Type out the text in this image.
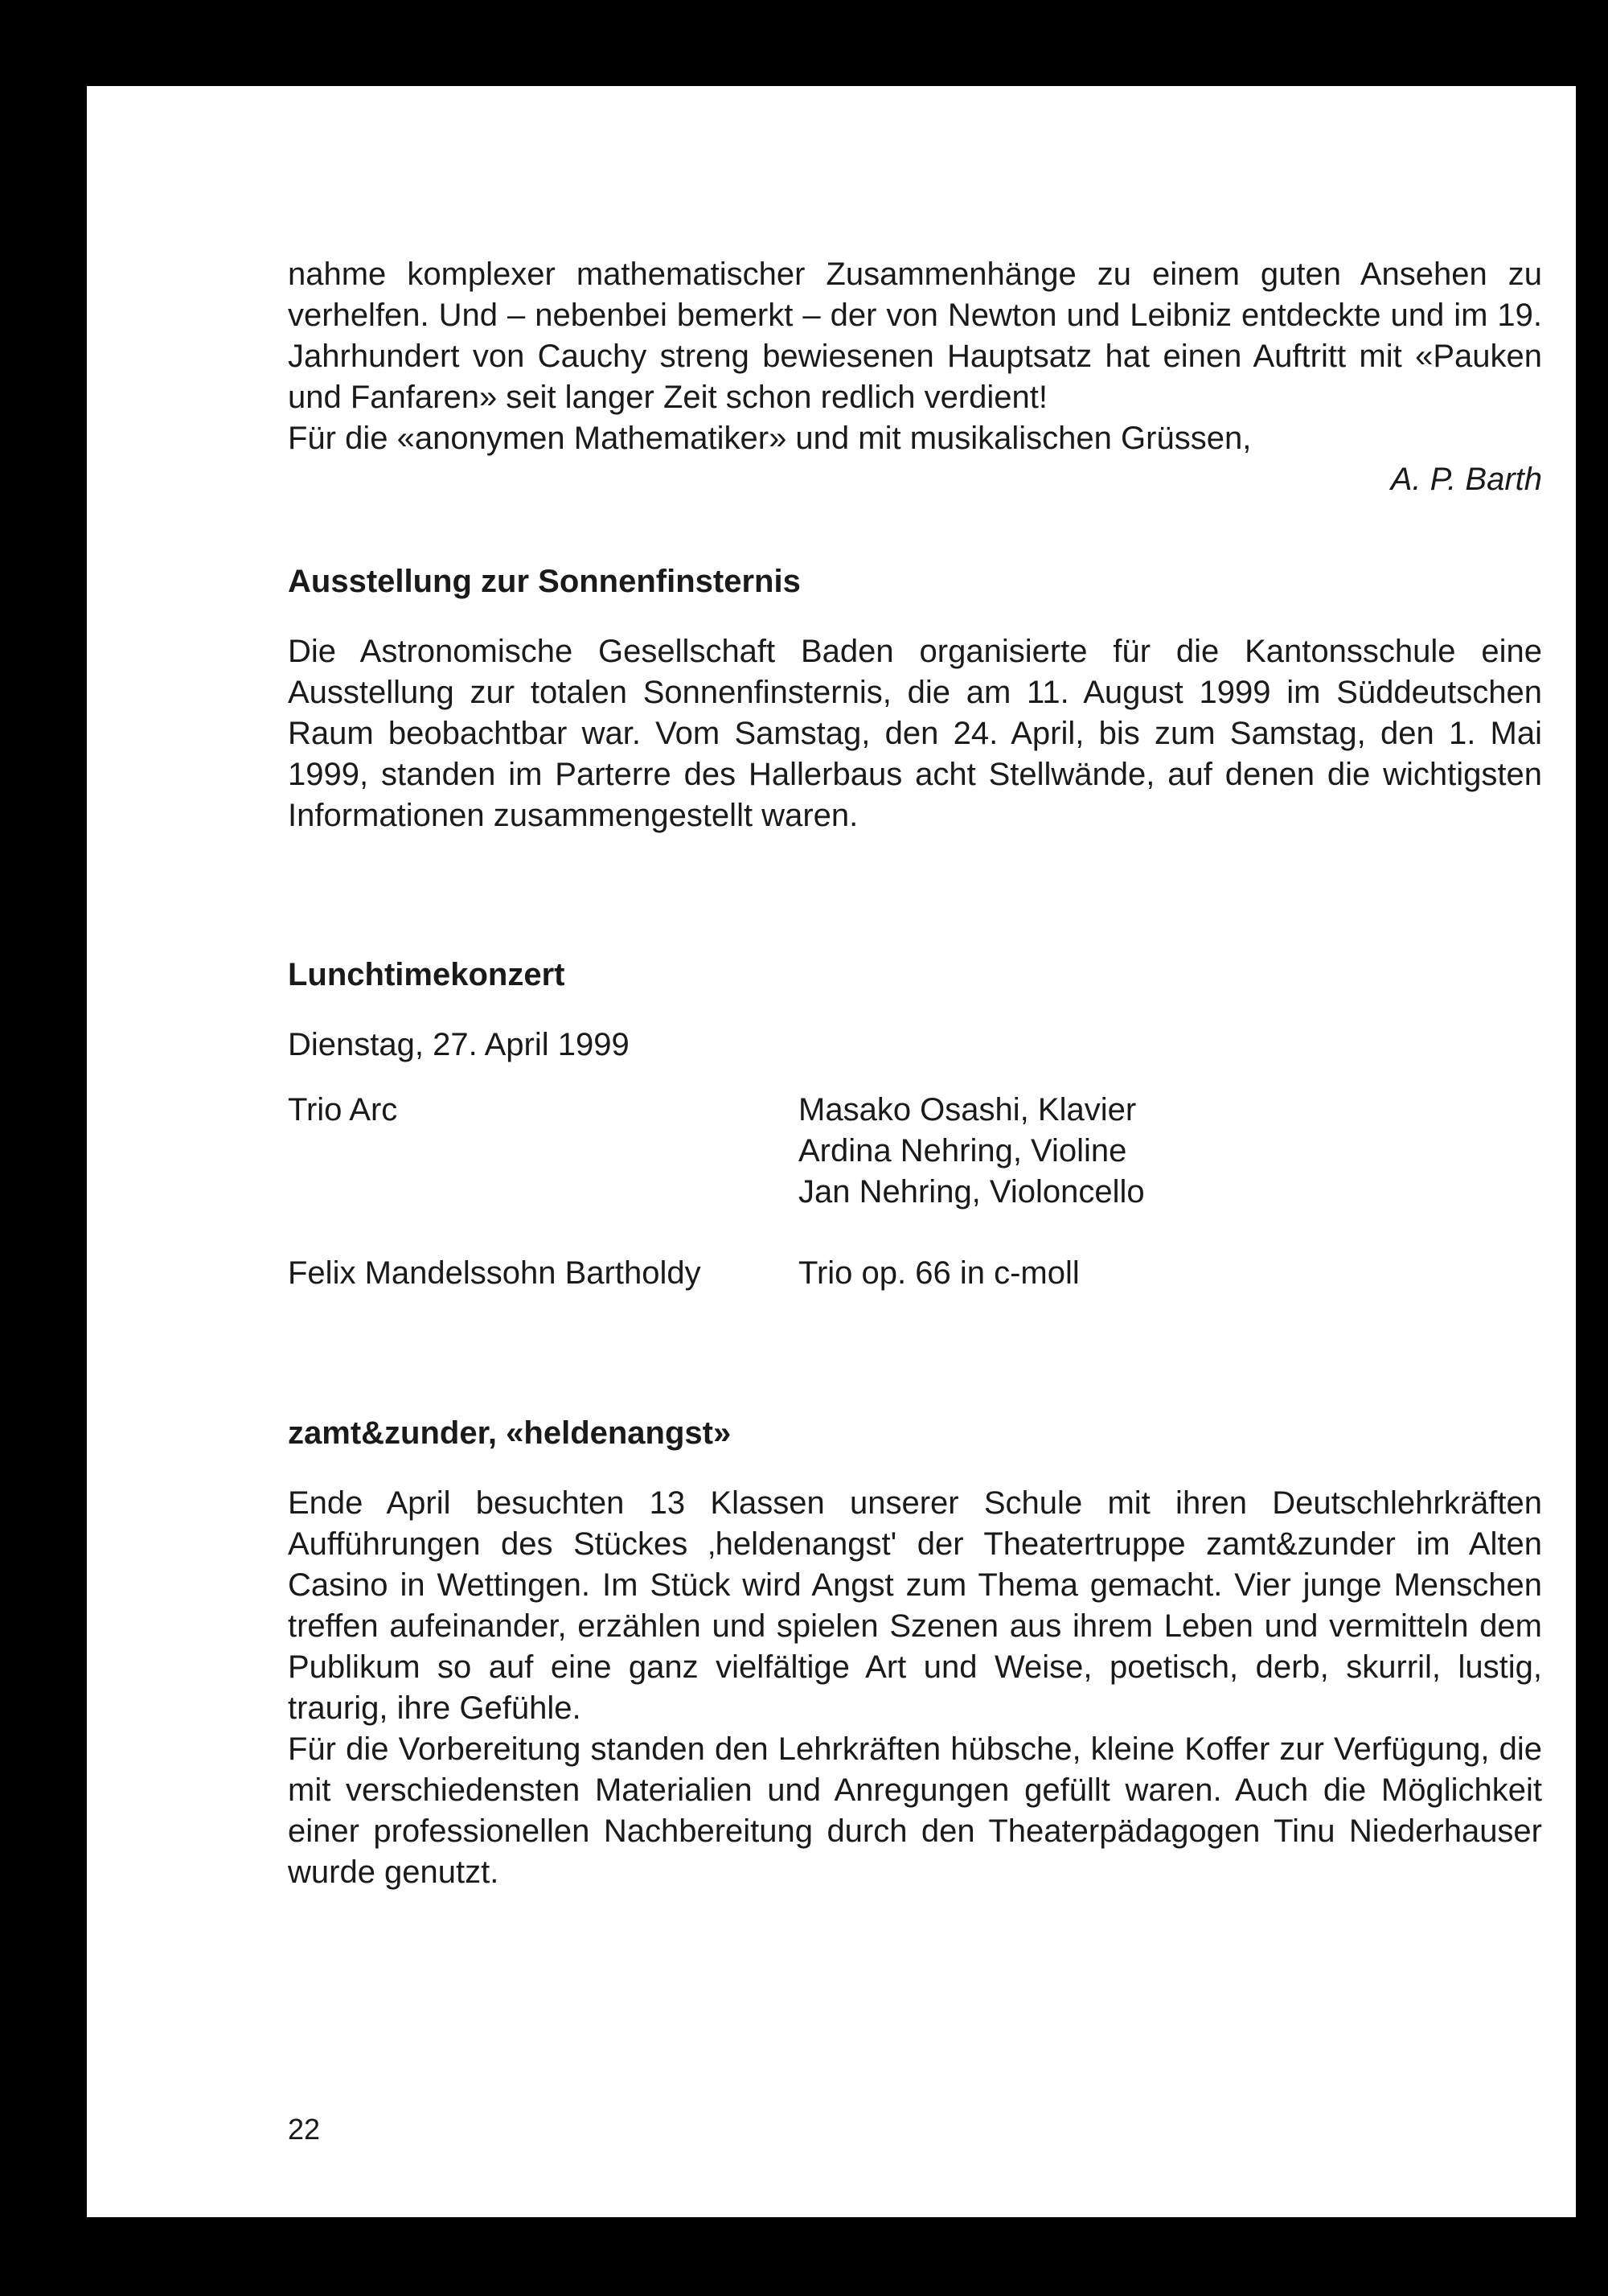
nahme komplexer mathematischer Zusammenhänge zu einem guten Ansehen zu verhelfen. Und – nebenbei bemerkt – der von Newton und Leibniz entdeckte und im 19. Jahrhundert von Cauchy streng bewiesenen Hauptsatz hat einen Auftritt mit «Pauken und Fanfaren» seit langer Zeit schon redlich verdient!

Für die «anonymen Mathematiker» und mit musikalischen Grüssen,

A. P. Barth

Ausstellung zur Sonnenfinsternis

Die Astronomische Gesellschaft Baden organisierte für die Kantonsschule eine Ausstellung zur totalen Sonnenfinsternis, die am 11. August 1999 im Süddeutschen Raum beobachtbar war. Vom Samstag, den 24. April, bis zum Samstag, den 1. Mai 1999, standen im Parterre des Hallerbaus acht Stellwände, auf denen die wichtigsten Informationen zusammengestellt waren.

Lunchtimekonzert
Dienstag, 27. April 1999
Trio Arc	Masako Osashi, Klavier
Ardina Nehring, Violine
Jan Nehring, Violoncello
Felix Mandelssohn Bartholdy	Trio op. 66 in c-moll
zamt&zunder, «heldenangst»

Ende April besuchten 13 Klassen unserer Schule mit ihren Deutschlehrkräften Aufführungen des Stückes ‚heldenangst' der Theatertruppe zamt&zunder im Alten Casino in Wettingen. Im Stück wird Angst zum Thema gemacht. Vier junge Menschen treffen aufeinander, erzählen und spielen Szenen aus ihrem Leben und vermitteln dem Publikum so auf eine ganz vielfältige Art und Weise, poetisch, derb, skurril, lustig, traurig, ihre Gefühle.

Für die Vorbereitung standen den Lehrkräften hübsche, kleine Koffer zur Verfügung, die mit verschiedensten Materialien und Anregungen gefüllt waren. Auch die Möglichkeit einer professionellen Nachbereitung durch den Theaterpädagogen Tinu Niederhauser wurde genutzt.

22
